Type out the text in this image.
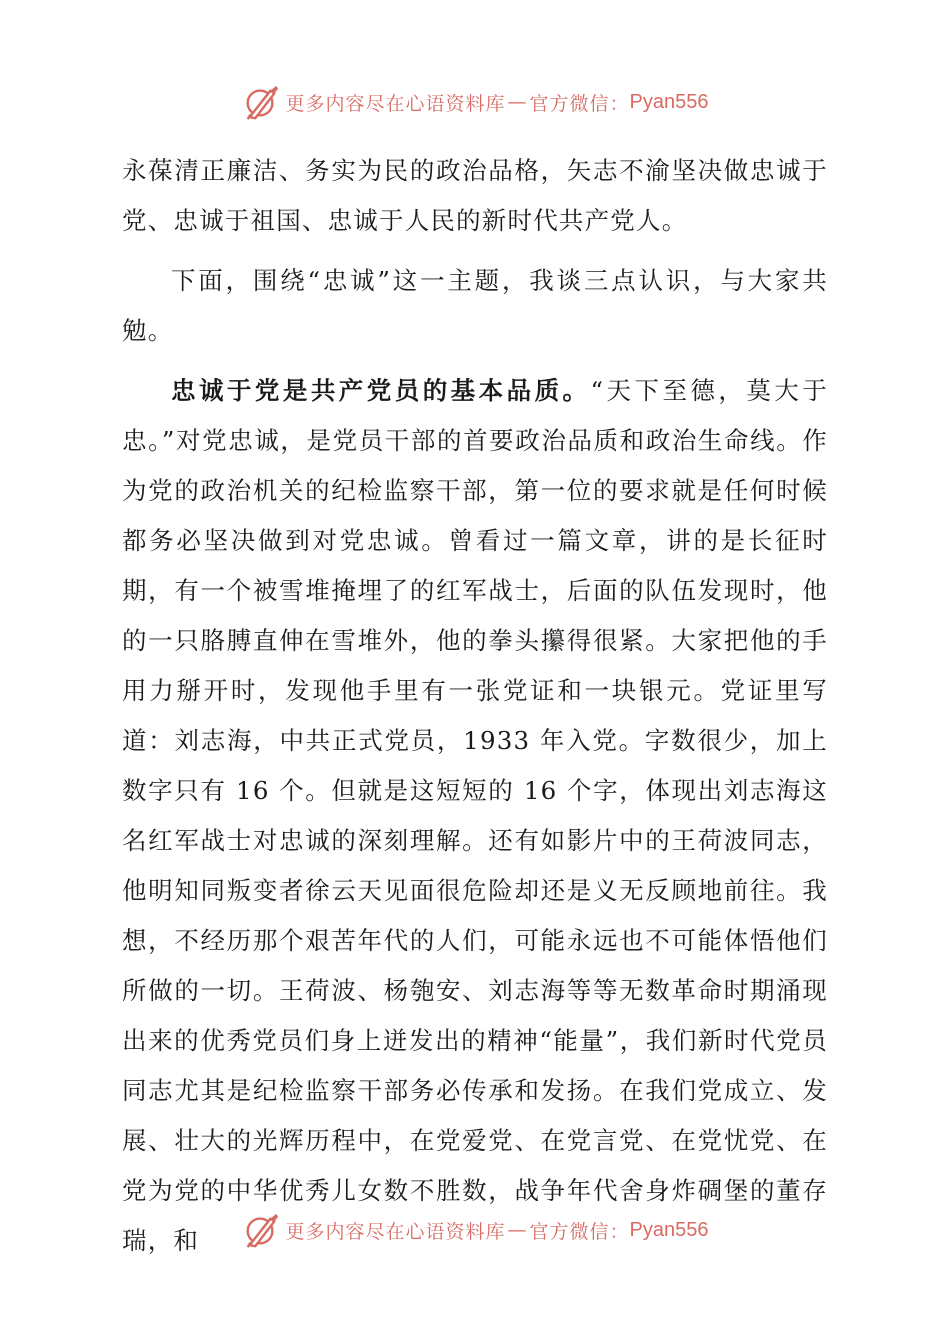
更多内容尽在心语资料库 — 官方微信： Pyan556

永葆清正廉洁、务实为民的政治品格，矢志不渝坚决做忠诚于党、忠诚于祖国、忠诚于人民的新时代共产党人。

下面，围绕“忠诚”这一主题，我谈三点认识，与大家共勉。

忠诚于党是共产党员的基本品质。“天下至德，莫大于忠。”对党忠诚，是党员干部的首要政治品质和政治生命线。作为党的政治机关的纪检监察干部，第一位的要求就是任何时候都务必坚决做到对党忠诚。曾看过一篇文章，讲的是长征时期，有一个被雪堆掩埋了的红军战士，后面的队伍发现时，他的一只胳膊直伸在雪堆外，他的拳头攥得很紧。大家把他的手用力掰开时，发现他手里有一张党证和一块银元。党证里写道：刘志海，中共正式党员，1933 年入党。字数很少，加上数字只有 16 个。但就是这短短的 16 个字，体现出刘志海这名红军战士对忠诚的深刻理解。还有如影片中的王荷波同志，他明知同叛变者徐云天见面很危险却还是义无反顾地前往。我想，不经历那个艰苦年代的人们，可能永远也不可能体悟他们所做的一切。王荷波、杨匏安、刘志海等等无数革命时期涌现出来的优秀党员们身上迸发出的精神“能量”，我们新时代党员同志尤其是纪检监察干部务必传承和发扬。在我们党成立、发展、壮大的光辉历程中，在党爱党、在党言党、在党忧党、在党为党的中华优秀儿女数不胜数，战争年代舍身炸碉堡的董存瑞，和	更多内容尽在心语资料库 — 官方微信： Pyan556
